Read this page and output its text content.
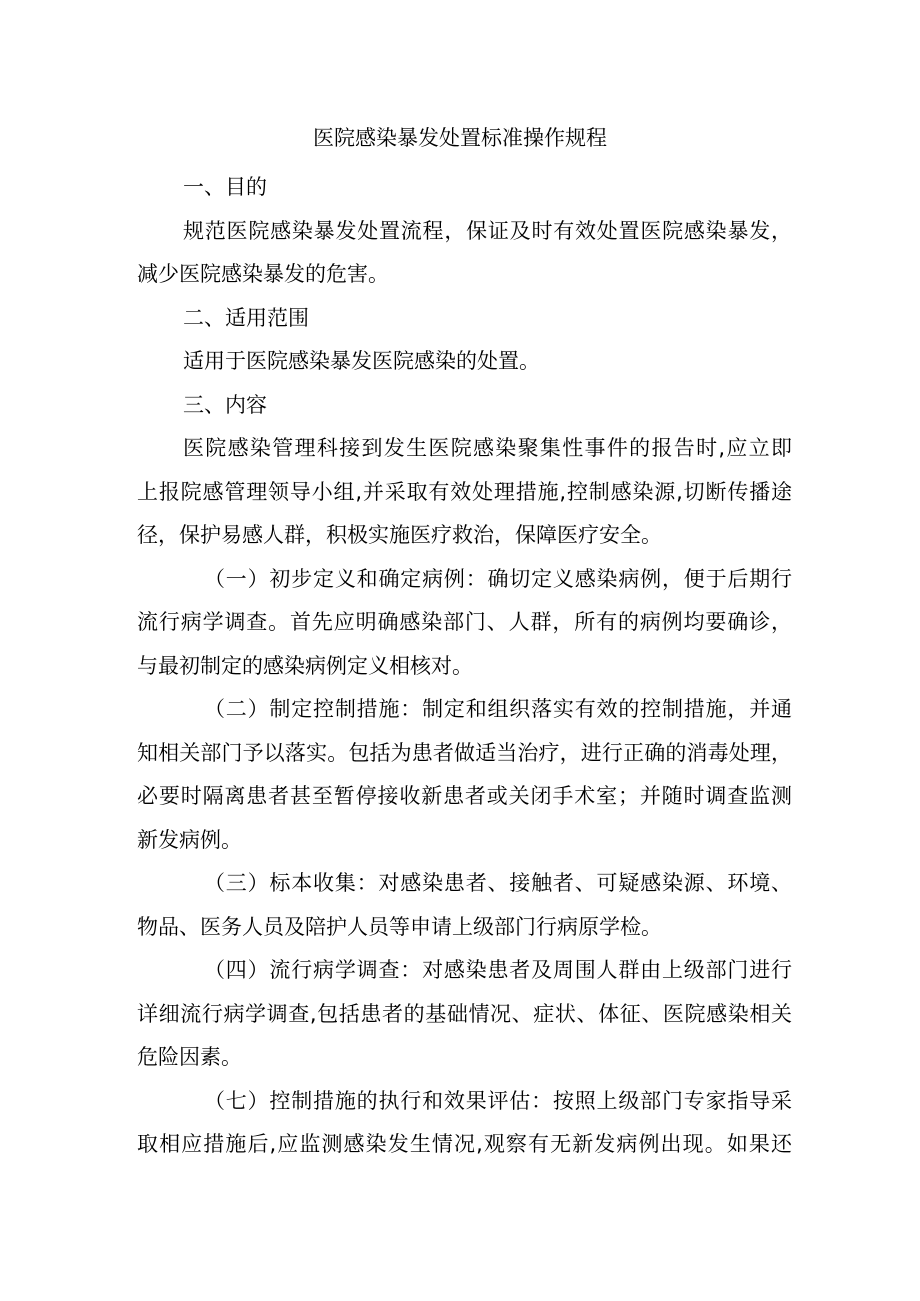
医院感染暴发处置标准操作规程
一、目的
规范医院感染暴发处置流程，保证及时有效处置医院感染暴发，
减少医院感染暴发的危害。
二、适用范围
适用于医院感染暴发医院感染的处置。
三、内容
医院感染管理科接到发生医院感染聚集性事件的报告时,应立即
上报院感管理领导小组,并采取有效处理措施,控制感染源,切断传播途
径，保护易感人群，积极实施医疗救治，保障医疗安全。
（一）初步定义和确定病例：确切定义感染病例，便于后期行
流行病学调查。首先应明确感染部门、人群，所有的病例均要确诊，
与最初制定的感染病例定义相核对。
（二）制定控制措施：制定和组织落实有效的控制措施，并通
知相关部门予以落实。包括为患者做适当治疗，进行正确的消毒处理，
必要时隔离患者甚至暂停接收新患者或关闭手术室；并随时调查监测
新发病例。
（三）标本收集：对感染患者、接触者、可疑感染源、环境、
物品、医务人员及陪护人员等申请上级部门行病原学检。
（四）流行病学调查：对感染患者及周围人群由上级部门进行
详细流行病学调查,包括患者的基础情况、症状、体征、医院感染相关
危险因素。
（七）控制措施的执行和效果评估：按照上级部门专家指导采
取相应措施后,应监测感染发生情况,观察有无新发病例出现。如果还
